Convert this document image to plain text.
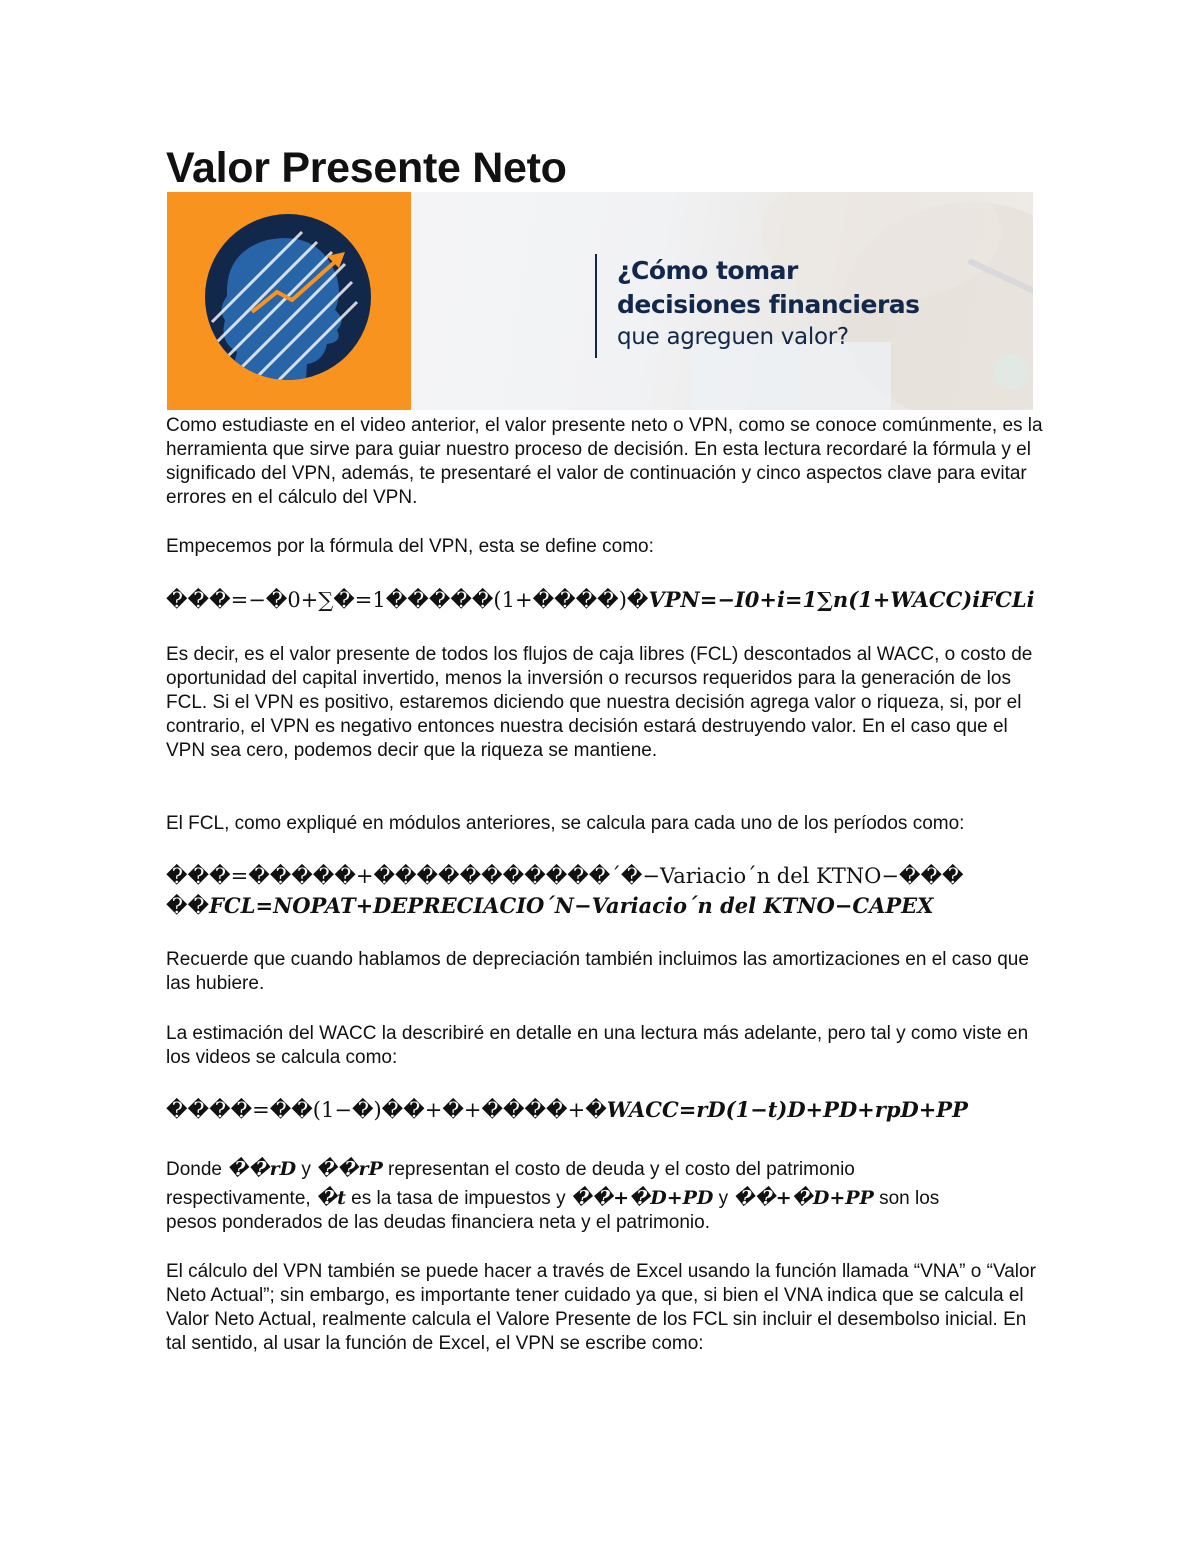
Valor Presente Neto
¿Cómo tomar
decisiones financieras
que agreguen valor?

Como estudiaste en el video anterior, el valor presente neto o VPN, como se conoce comúnmente, es la herramienta que sirve para guiar nuestro proceso de decisión. En esta lectura recordaré la fórmula y el significado del VPN, además, te presentaré el valor de continuación y cinco aspectos clave para evitar errores en el cálculo del VPN.

Empecemos por la fórmula del VPN, esta se define como:

���=−�0+∑�=1�����(1+����)�VPN=−I0+i=1∑n(1+WACC)iFCLi

Es decir, es el valor presente de todos los flujos de caja libres (FCL) descontados al WACC, o costo de oportunidad del capital invertido, menos la inversión o recursos requeridos para la generación de los FCL. Si el VPN es positivo, estaremos diciendo que nuestra decisión agrega valor o riqueza, si, por el contrario, el VPN es negativo entonces nuestra decisión estará destruyendo valor. En el caso que el VPN sea cero, podemos decir que la riqueza se mantiene.

El FCL, como expliqué en módulos anteriores, se calcula para cada uno de los períodos como:

���=�����+�����������´�−Variacio´n del KTNO−���

��FCL=NOPAT+DEPRECIACIO´N−Variacio´n del KTNO−CAPEX

Recuerde que cuando hablamos de depreciación también incluimos las amortizaciones en el caso que las hubiere.

La estimación del WACC la describiré en detalle en una lectura más adelante, pero tal y como viste en los videos se calcula como:

����=��(1−�)��+�+����+�WACC=rD(1−t)D+PD+rpD+PP

Donde ��rD y ��rP representan el costo de deuda y el costo del patrimonio
respectivamente, �t es la tasa de impuestos y ��+�D+PD y ��+�D+PP son los

pesos ponderados de las deudas financiera neta y el patrimonio.

El cálculo del VPN también se puede hacer a través de Excel usando la función llamada “VNA” o “Valor Neto Actual”; sin embargo, es importante tener cuidado ya que, si bien el VNA indica que se calcula el Valor Neto Actual, realmente calcula el Valore Presente de los FCL sin incluir el desembolso inicial. En tal sentido, al usar la función de Excel, el VPN se escribe como:
